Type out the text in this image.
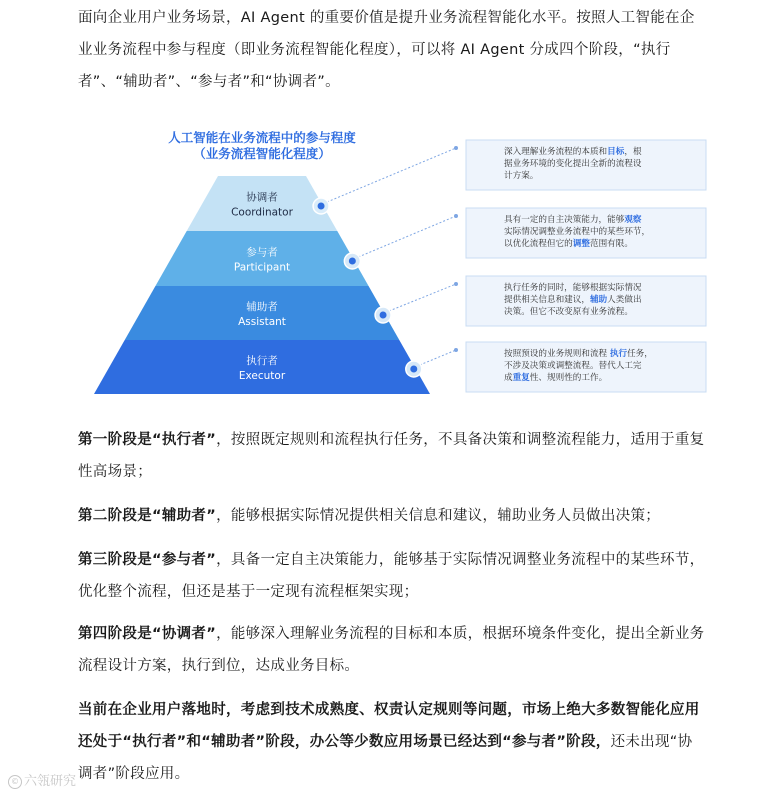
面向企业用户业务场景，AI Agent 的重要价值是提升业务流程智能化水平。按照人工智能在企业业务流程中参与程度（即业务流程智能化程度），可以将 AI Agent 分成四个阶段，“执行者”、“辅助者”、“参与者”和“协调者”。

人工智能在业务流程中的参与程度
（业务流程智能化程度）
协调者
Coordinator
参与者
Participant
辅助者
Assistant
执行者
Executor
深入理解业务流程的本质和目标，根
据业务环境的变化提出全新的流程设
计方案。
具有一定的自主决策能力，能够观察
实际情况调整业务流程中的某些环节，
以优化流程但它的调整范围有限。
执行任务的同时，能够根据实际情况
提供相关信息和建议，辅助人类做出
决策。但它不改变原有业务流程。
按照预设的业务规则和流程 执行任务，
不涉及决策或调整流程。替代人工完
成重复性、规则性的工作。

第一阶段是“执行者”，按照既定规则和流程执行任务，不具备决策和调整流程能力，适用于重复性高场景；

第二阶段是“辅助者”，能够根据实际情况提供相关信息和建议，辅助业务人员做出决策；

第三阶段是“参与者”，具备一定自主决策能力，能够基于实际情况调整业务流程中的某些环节，优化整个流程，但还是基于一定现有流程框架实现；

第四阶段是“协调者”，能够深入理解业务流程的目标和本质，根据环境条件变化，提出全新业务流程设计方案，执行到位，达成业务目标。

当前在企业用户落地时，考虑到技术成熟度、权责认定规则等问题，市场上绝大多数智能化应用还处于“执行者”和“辅助者”阶段，办公等少数应用场景已经达到“参与者”阶段，还未出现“协调者”阶段应用。

© 六瓴研究
